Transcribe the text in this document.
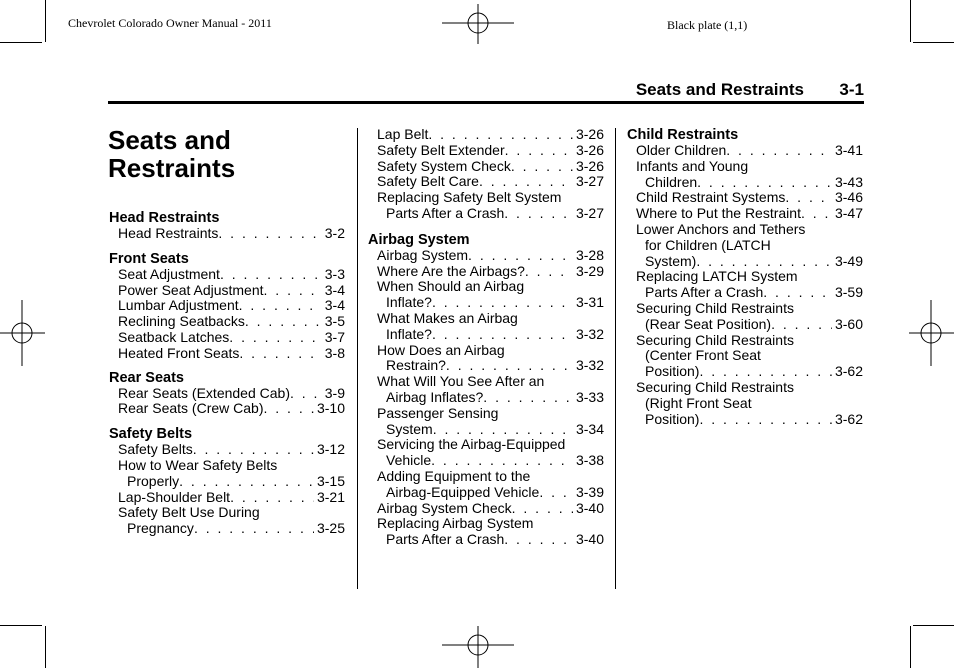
Chevrolet Colorado Owner Manual - 2011	Black plate (1,1)
Seats and Restraints 3-1
Seats and
Restraints
Head Restraints
Head Restraints . . .	3-2
Front Seats
Seat Adjustment . . .	3-3
Power Seat Adjustment . . .	3-4
Lumbar Adjustment . . .	3-4
Reclining Seatbacks . . .	3-5
Seatback Latches . . .	3-7
Heated Front Seats . . .	3-8
Rear Seats
Rear Seats (Extended Cab) . . . 3-9
Rear Seats (Crew Cab) . . .	3-10
Safety Belts
Safety Belts . . .	3-12
How to Wear Safety Belts
Properly . . .	3-15
Lap-Shoulder Belt . . .	3-21
Safety Belt Use During
Pregnancy . . .	3-25
Lap Belt . . .	3-26
Safety Belt Extender . . .	3-26
Safety System Check . . .	3-26
Safety Belt Care . . .	3-27
Replacing Safety Belt System
Parts After a Crash . . .	3-27
Airbag System
Airbag System . . .	3-28
Where Are the Airbags? . . .	3-29
When Should an Airbag
Inflate? . . .	3-31
What Makes an Airbag
Inflate? . . .	3-32
How Does an Airbag
Restrain? . . .	3-32
What Will You See After an
Airbag Inflates? . . .	3-33
Passenger Sensing
System . . .	3-34
Servicing the Airbag-Equipped
Vehicle . . .	3-38
Adding Equipment to the
Airbag-Equipped Vehicle . . .	3-39
Airbag System Check . . .	3-40
Replacing Airbag System
Parts After a Crash . . .	3-40
Child Restraints
Older Children . . .	3-41
Infants and Young
Children . . .	3-43
Child Restraint Systems . . .	3-46
Where to Put the Restraint . . . 3-47
Lower Anchors and Tethers
for Children (LATCH
System) . . .	3-49
Replacing LATCH System
Parts After a Crash . . .	3-59
Securing Child Restraints
(Rear Seat Position) . . .	3-60
Securing Child Restraints
(Center Front Seat
Position) . . .	3-62
Securing Child Restraints
(Right Front Seat
Position) . . .	3-62
